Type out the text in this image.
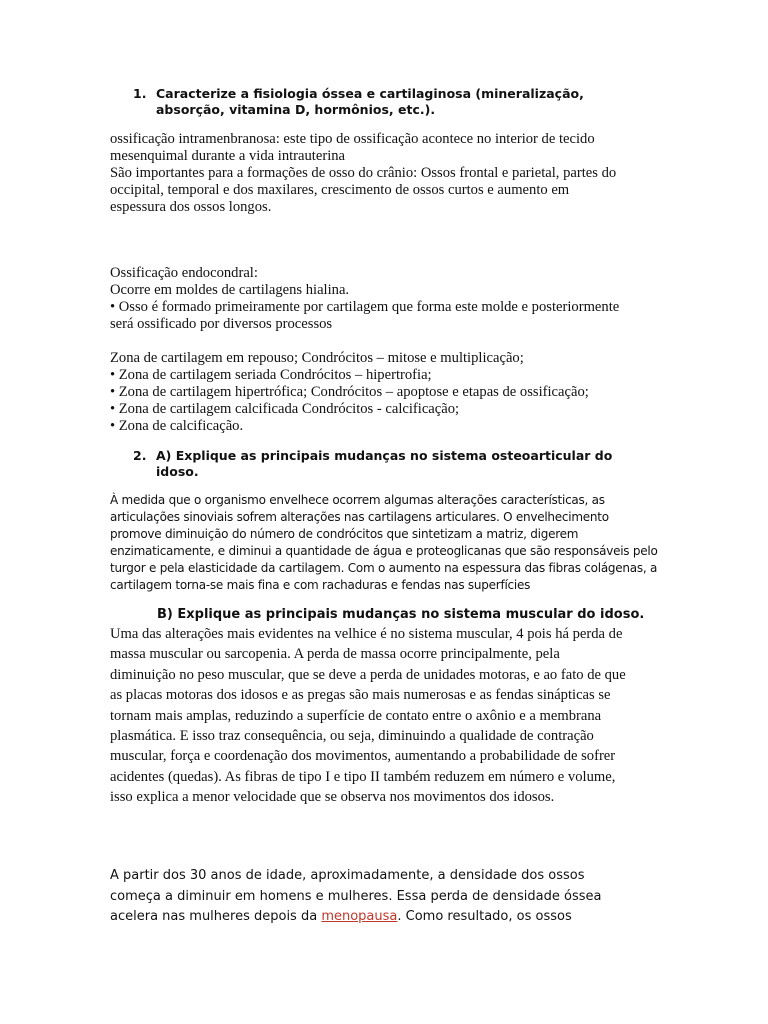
1. Caracterize a fisiologia óssea e cartilaginosa (mineralização,
absorção, vitamina D, hormônios, etc.).
ossificação intramenbranosa: este tipo de ossificação acontece no interior de tecido
mesenquimal durante a vida intrauterina
São importantes para a formações de osso do crânio: Ossos frontal e parietal, partes do
occipital, temporal e dos maxilares, crescimento de ossos curtos e aumento em
espessura dos ossos longos.
Ossificação endocondral:
Ocorre em moldes de cartilagens hialina.
• Osso é formado primeiramente por cartilagem que forma este molde e posteriormente
será ossificado por diversos processos
Zona de cartilagem em repouso; Condrócitos – mitose e multiplicação;
• Zona de cartilagem seriada Condrócitos – hipertrofia;
• Zona de cartilagem hipertrófica; Condrócitos – apoptose e etapas de ossificação;
• Zona de cartilagem calcificada Condrócitos - calcificação;
• Zona de calcificação.
2. A) Explique as principais mudanças no sistema osteoarticular do
idoso.
À medida que o organismo envelhece ocorrem algumas alterações características, as
articulações sinoviais sofrem alterações nas cartilagens articulares. O envelhecimento
promove diminuição do número de condrócitos que sintetizam a matriz, digerem
enzimaticamente, e diminui a quantidade de água e proteoglicanas que são responsáveis pelo
turgor e pela elasticidade da cartilagem. Com o aumento na espessura das fibras colágenas, a
cartilagem torna-se mais fina e com rachaduras e fendas nas superfícies
B) Explique as principais mudanças no sistema muscular do idoso.
Uma das alterações mais evidentes na velhice é no sistema muscular, 4 pois há perda de
massa muscular ou sarcopenia. A perda de massa ocorre principalmente, pela
diminuição no peso muscular, que se deve a perda de unidades motoras, e ao fato de que
as placas motoras dos idosos e as pregas são mais numerosas e as fendas sinápticas se
tornam mais amplas, reduzindo a superfície de contato entre o axônio e a membrana
plasmática. E isso traz consequência, ou seja, diminuindo a qualidade de contração
muscular, força e coordenação dos movimentos, aumentando a probabilidade de sofrer
acidentes (quedas). As fibras de tipo I e tipo II também reduzem em número e volume,
isso explica a menor velocidade que se observa nos movimentos dos idosos.
A partir dos 30 anos de idade, aproximadamente, a densidade dos ossos
começa a diminuir em homens e mulheres. Essa perda de densidade óssea
acelera nas mulheres depois da menopausa. Como resultado, os ossos
